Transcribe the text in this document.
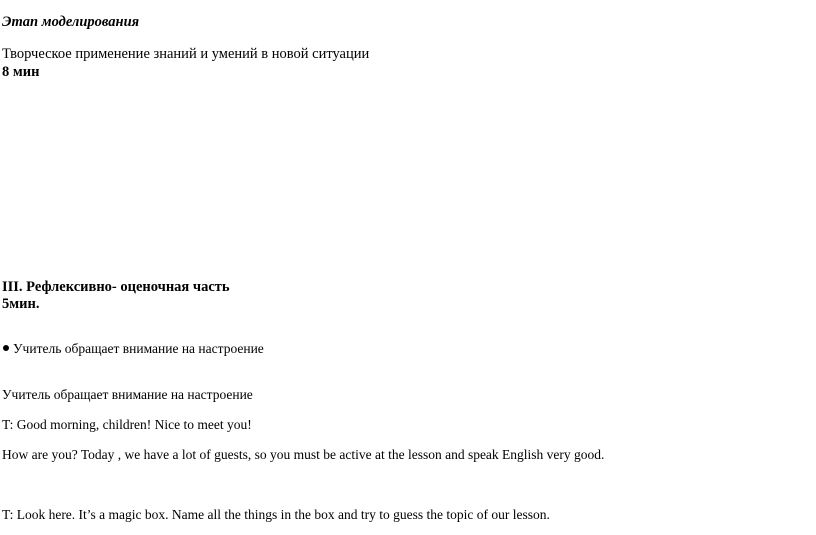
Этап моделирования
Творческое применение знаний и умений в новой ситуации
8 мин
III. Рефлексивно- оценочная часть
5мин.
Учитель обращает внимание на настроение
Учитель обращает внимание на настроение
T: Good morning, children! Nice to meet you!
How are you? Today , we have a lot of guests, so you must be active at the lesson and speak English very good.
T: Look here. It’s a magic box. Name all the things in the box and try to guess the topic of our lesson.
